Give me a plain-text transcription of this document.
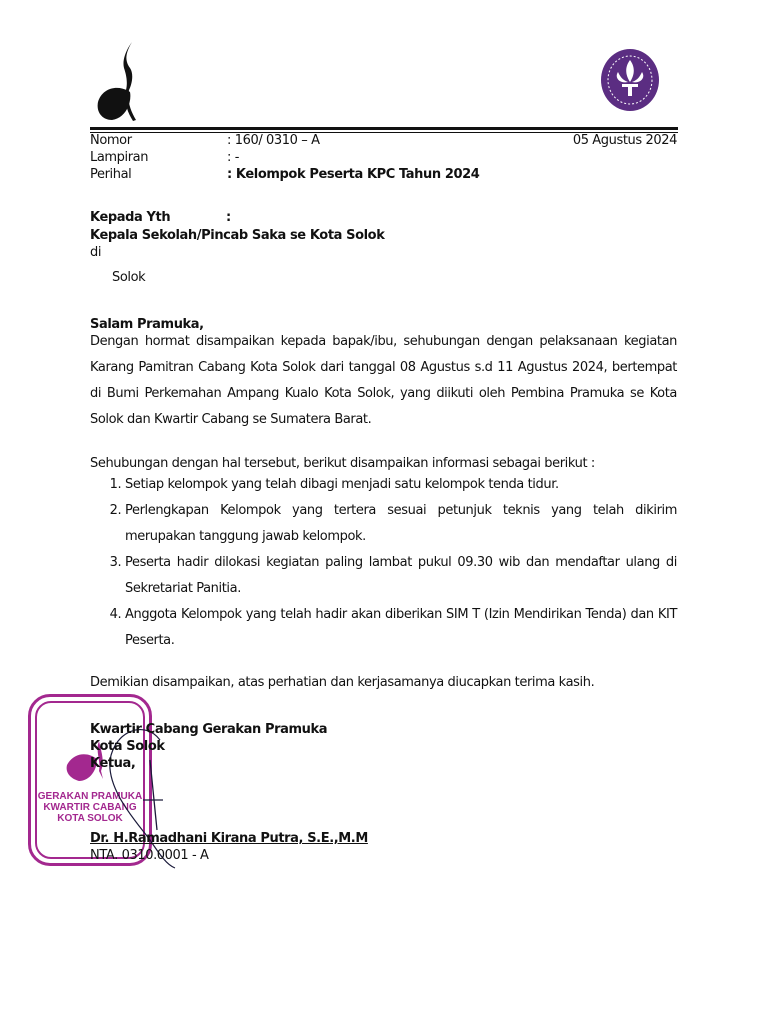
05 Agustus 2024
Nomor	: 160/ 0310 – A
Lampiran	: -
Perihal	: Kelompok Peserta KPC Tahun 2024
Kepada Yth	:
Kepala Sekolah/Pincab Saka se Kota Solok
di
Solok
Salam Pramuka,
Dengan hormat disampaikan kepada bapak/ibu, sehubungan dengan pelaksanaan kegiatan Karang Pamitran Cabang Kota Solok dari tanggal 08 Agustus s.d 11 Agustus 2024, bertempat di Bumi Perkemahan Ampang Kualo Kota Solok, yang diikuti oleh Pembina Pramuka se Kota Solok dan Kwartir Cabang se Sumatera Barat.
Sehubungan dengan hal tersebut, berikut disampaikan informasi sebagai berikut :
1. Setiap kelompok yang telah dibagi menjadi satu kelompok tenda tidur.
2. Perlengkapan Kelompok yang tertera sesuai petunjuk teknis yang telah dikirim merupakan tanggung jawab kelompok.
3. Peserta hadir dilokasi kegiatan paling lambat pukul 09.30 wib dan mendaftar ulang di Sekretariat Panitia.
4. Anggota Kelompok yang telah hadir akan diberikan SIM T (Izin Mendirikan Tenda) dan KIT Peserta.
Demikian disampaikan, atas perhatian dan kerjasamanya diucapkan terima kasih.
GERAKAN PRAMUKA
KWARTIR CABANG
KOTA SOLOK
Kwartir Cabang Gerakan Pramuka
Kota Solok
Ketua,
Dr. H.Ramadhani Kirana Putra, S.E.,M.M
NTA. 0310.0001 - A
